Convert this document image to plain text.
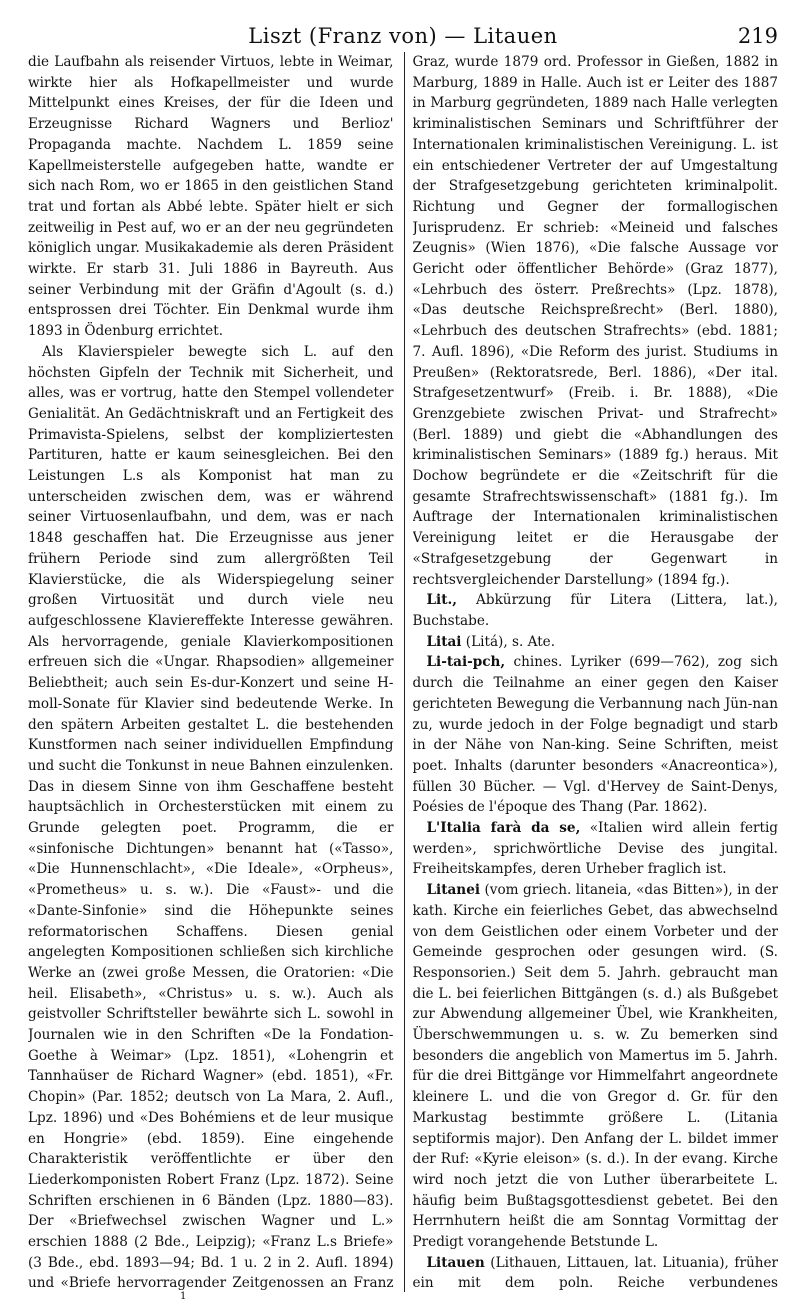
Liszt (Franz von) — Litauen	219

die Laufbahn als reisender Virtuos, lebte in Weimar, wirkte hier als Hofkapellmeister und wurde Mittelpunkt eines Kreises, der für die Ideen und Erzeugnisse Richard Wagners und Berlioz' Propaganda machte. Nachdem L. 1859 seine Kapellmeisterstelle aufgegeben hatte, wandte er sich nach Rom, wo er 1865 in den geistlichen Stand trat und fortan als Abbé lebte. Später hielt er sich zeitweilig in Pest auf, wo er an der neu gegründeten königlich ungar. Musikakademie als deren Präsident wirkte. Er starb 31. Juli 1886 in Bayreuth. Aus seiner Verbindung mit der Gräfin d'Agoult (s. d.) entsprossen drei Töchter. Ein Denkmal wurde ihm 1893 in Ödenburg errichtet.

Als Klavierspieler bewegte sich L. auf den höchsten Gipfeln der Technik mit Sicherheit, und alles, was er vortrug, hatte den Stempel vollendeter Genialität. An Gedächtniskraft und an Fertigkeit des Primavista-Spielens, selbst der kompliziertesten Partituren, hatte er kaum seinesgleichen. Bei den Leistungen L.s als Komponist hat man zu unterscheiden zwischen dem, was er während seiner Virtuosenlaufbahn, und dem, was er nach 1848 geschaffen hat. Die Erzeugnisse aus jener frühern Periode sind zum allergrößten Teil Klavierstücke, die als Widerspiegelung seiner großen Virtuosität und durch viele neu aufgeschlossene Klaviereffekte Interesse gewähren. Als hervorragende, geniale Klavierkompositionen erfreuen sich die «Ungar. Rhapsodien» allgemeiner Beliebtheit; auch sein Es-dur-Konzert und seine H-moll-Sonate für Klavier sind bedeutende Werke. In den spätern Arbeiten gestaltet L. die bestehenden Kunstformen nach seiner individuellen Empfindung und sucht die Tonkunst in neue Bahnen einzulenken. Das in diesem Sinne von ihm Geschaffene besteht hauptsächlich in Orchesterstücken mit einem zu Grunde gelegten poet. Programm, die er «sinfonische Dichtungen» benannt hat («Tasso», «Die Hunnenschlacht», «Die Ideale», «Orpheus», «Prometheus» u. s. w.). Die «Faust»- und die «Dante-Sinfonie» sind die Höhepunkte seines reformatorischen Schaffens. Diesen genial angelegten Kompositionen schließen sich kirchliche Werke an (zwei große Messen, die Oratorien: «Die heil. Elisabeth», «Christus» u. s. w.). Auch als geistvoller Schriftsteller bewährte sich L. sowohl in Journalen wie in den Schriften «De la Fondation-Goethe à Weimar» (Lpz. 1851), «Lohengrin et Tannhaüser de Richard Wagner» (ebd. 1851), «Fr. Chopin» (Par. 1852; deutsch von La Mara, 2. Aufl., Lpz. 1896) und «Des Bohémiens et de leur musique en Hongrie» (ebd. 1859). Eine eingehende Charakteristik veröffentlichte er über den Liederkomponisten Robert Franz (Lpz. 1872). Seine Schriften erschienen in 6 Bänden (Lpz. 1880—83). Der «Briefwechsel zwischen Wagner und L.» erschien 1888 (2 Bde., Leipzig); «Franz L.s Briefe» (3 Bde., ebd. 1893—94; Bd. 1 u. 2 in 2. Aufl. 1894) und «Briefe hervorragender Zeitgenossen an Franz

Graz, wurde 1879 ord. Professor in Gießen, 1882 in Marburg, 1889 in Halle. Auch ist er Leiter des 1887 in Marburg gegründeten, 1889 nach Halle verlegten kriminalistischen Seminars und Schriftführer der Internationalen kriminalistischen Vereinigung. L. ist ein entschiedener Vertreter der auf Umgestaltung der Strafgesetzgebung gerichteten kriminalpolit. Richtung und Gegner der formallogischen Jurisprudenz. Er schrieb: «Meineid und falsches Zeugnis» (Wien 1876), «Die falsche Aussage vor Gericht oder öffentlicher Behörde» (Graz 1877), «Lehrbuch des österr. Preßrechts» (Lpz. 1878), «Das deutsche Reichspreßrecht» (Berl. 1880), «Lehrbuch des deutschen Strafrechts» (ebd. 1881; 7. Aufl. 1896), «Die Reform des jurist. Studiums in Preußen» (Rektoratsrede, Berl. 1886), «Der ital. Strafgesetzentwurf» (Freib. i. Br. 1888), «Die Grenzgebiete zwischen Privat- und Strafrecht» (Berl. 1889) und giebt die «Abhandlungen des kriminalistischen Seminars» (1889 fg.) heraus. Mit Dochow begründete er die «Zeitschrift für die gesamte Strafrechtswissenschaft» (1881 fg.). Im Auftrage der Internationalen kriminalistischen Vereinigung leitet er die Herausgabe der «Strafgesetzgebung der Gegenwart in rechtsvergleichender Darstellung» (1894 fg.).

Lit., Abkürzung für Litera (Littera, lat.), Buchstabe.

Litai (Litá), s. Ate.

Li-tai-pch, chines. Lyriker (699—762), zog sich durch die Teilnahme an einer gegen den Kaiser gerichteten Bewegung die Verbannung nach Jün-nan zu, wurde jedoch in der Folge begnadigt und starb in der Nähe von Nan-king. Seine Schriften, meist poet. Inhalts (darunter besonders «Anacreontica»), füllen 30 Bücher. — Vgl. d'Hervey de Saint-Denys, Poésies de l'époque des Thang (Par. 1862).

L'Italia farà da se, «Italien wird allein fertig werden», sprichwörtliche Devise des jungital. Freiheitskampfes, deren Urheber fraglich ist.

Litanei (vom griech. litaneia, «das Bitten»), in der kath. Kirche ein feierliches Gebet, das abwechselnd von dem Geistlichen oder einem Vorbeter und der Gemeinde gesprochen oder gesungen wird. (S. Responsorien.) Seit dem 5. Jahrh. gebraucht man die L. bei feierlichen Bittgängen (s. d.) als Bußgebet zur Abwendung allgemeiner Übel, wie Krankheiten, Überschwemmungen u. s. w. Zu bemerken sind besonders die angeblich von Mamertus im 5. Jahrh. für die drei Bittgänge vor Himmelfahrt angeordnete kleinere L. und die von Gregor d. Gr. für den Markustag bestimmte größere L. (Litania septiformis major). Den Anfang der L. bildet immer der Ruf: «Kyrie eleison» (s. d.). In der evang. Kirche wird noch jetzt die von Luther überarbeitete L. häufig beim Bußtagsgottesdienst gebetet. Bei den Herrnhutern heißt die am Sonntag Vormittag der Predigt vorangehende Betstunde L.

Litauen (Lithauen, Littauen, lat. Lituania), früher ein mit dem poln. Reiche verbundenes

1
